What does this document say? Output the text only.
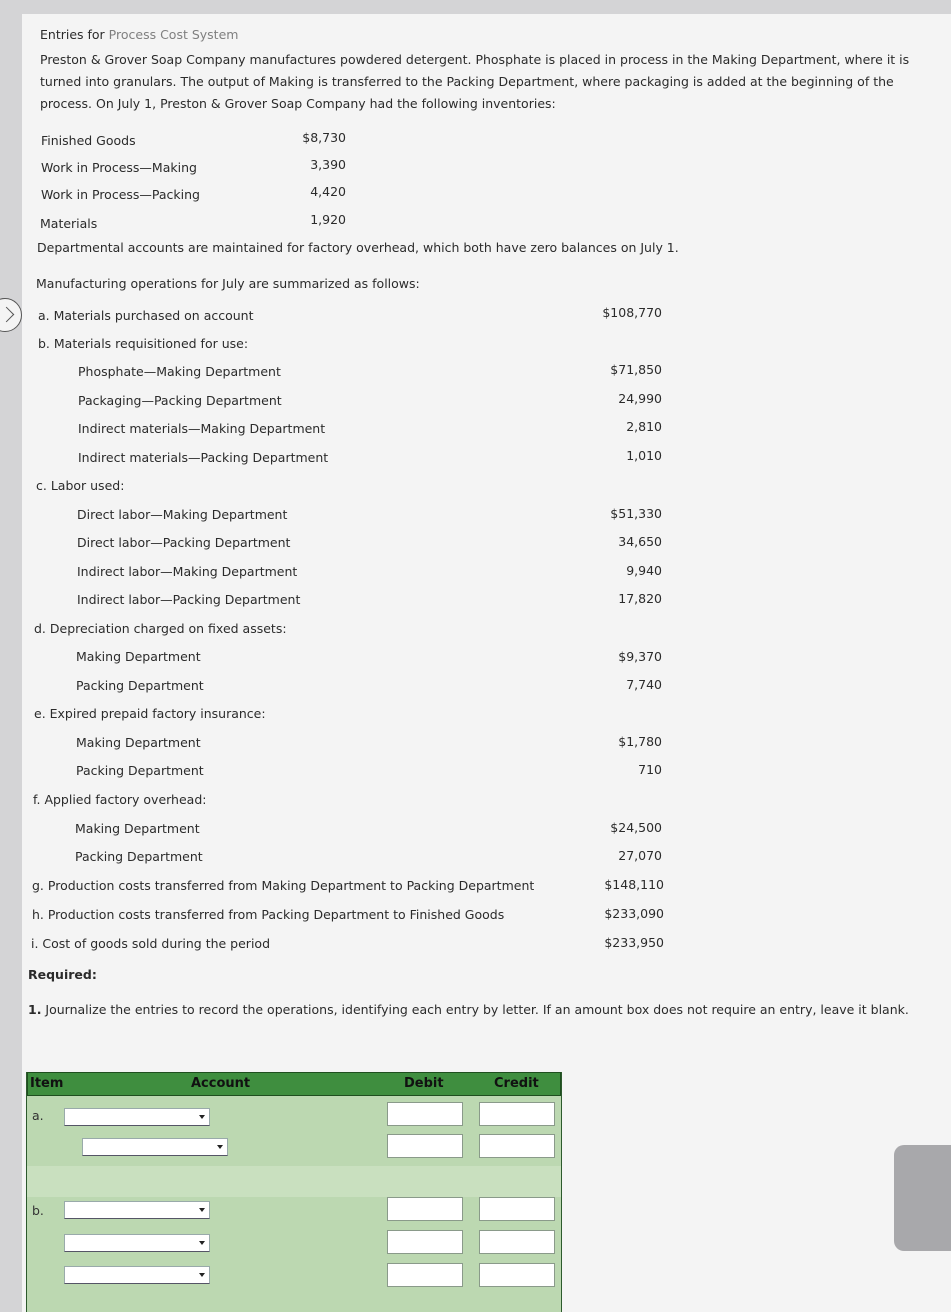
Entries for Process Cost System
Preston & Grover Soap Company manufactures powdered detergent. Phosphate is placed in process in the Making Department, where it is turned into granulars. The output of Making is transferred to the Packing Department, where packaging is added at the beginning of the process. On July 1, Preston & Grover Soap Company had the following inventories:
Finished Goods	$8,730
Work in Process—Making	3,390
Work in Process—Packing	4,420
Materials	1,920
Departmental accounts are maintained for factory overhead, which both have zero balances on July 1.
Manufacturing operations for July are summarized as follows:
a. Materials purchased on account	$108,770
b. Materials requisitioned for use:
Phosphate—Making Department	$71,850
Packaging—Packing Department	24,990
Indirect materials—Making Department	2,810
Indirect materials—Packing Department	1,010
c. Labor used:
Direct labor—Making Department	$51,330
Direct labor—Packing Department	34,650
Indirect labor—Making Department	9,940
Indirect labor—Packing Department	17,820
d. Depreciation charged on fixed assets:
Making Department	$9,370
Packing Department	7,740
e. Expired prepaid factory insurance:
Making Department	$1,780
Packing Department	710
f. Applied factory overhead:
Making Department	$24,500
Packing Department	27,070
g. Production costs transferred from Making Department to Packing Department	$148,110
h. Production costs transferred from Packing Department to Finished Goods	$233,090
i. Cost of goods sold during the period	$233,950
Required:
1. Journalize the entries to record the operations, identifying each entry by letter. If an amount box does not require an entry, leave it blank.
Item	Account	Debit	Credit
a.
b.
